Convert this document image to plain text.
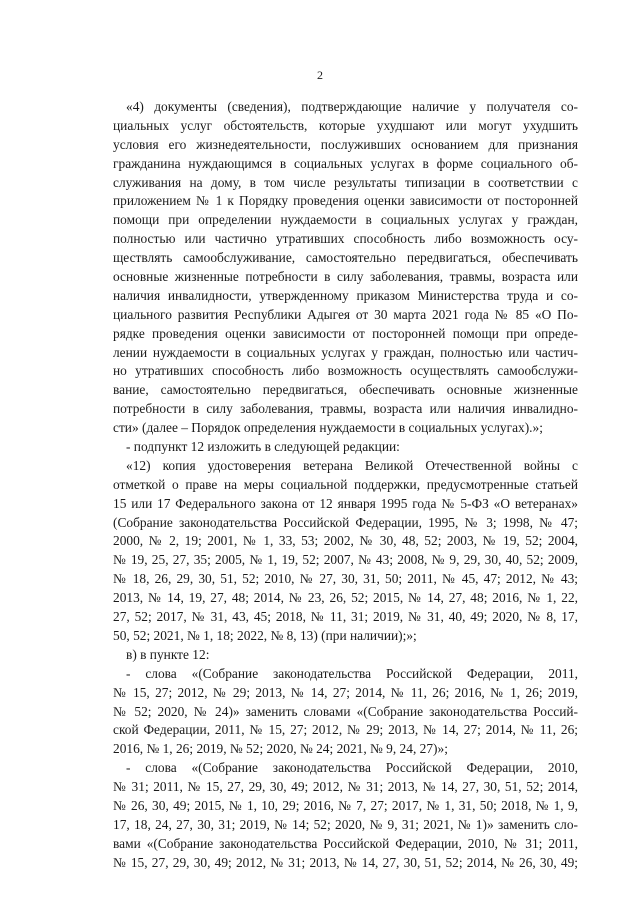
2
«4) документы (сведения), подтверждающие наличие у получателя со-
циальных услуг обстоятельств, которые ухудшают или могут ухудшить
условия его жизнедеятельности, послуживших основанием для признания
гражданина нуждающимся в социальных услугах в форме социального об-
служивания на дому, в том числе результаты типизации в соответствии с
приложением № 1 к Порядку проведения оценки зависимости от посторонней
помощи при определении нуждаемости в социальных услугах у граждан,
полностью или частично утративших способность либо возможность осу-
ществлять самообслуживание, самостоятельно передвигаться, обеспечивать
основные жизненные потребности в силу заболевания, травмы, возраста или
наличия инвалидности, утвержденному приказом Министерства труда и со-
циального развития Республики Адыгея от 30 марта 2021 года № 85 «О По-
рядке проведения оценки зависимости от посторонней помощи при опреде-
лении нуждаемости в социальных услугах у граждан, полностью или частич-
но утративших способность либо возможность осуществлять самообслужи-
вание, самостоятельно передвигаться, обеспечивать основные жизненные
потребности в силу заболевания, травмы, возраста или наличия инвалидно-
сти» (далее – Порядок определения нуждаемости в социальных услугах).»;
- подпункт 12 изложить в следующей редакции:
«12) копия удостоверения ветерана Великой Отечественной войны с
отметкой о праве на меры социальной поддержки, предусмотренные статьей
15 или 17 Федерального закона от 12 января 1995 года № 5-ФЗ «О ветеранах»
(Собрание законодательства Российской Федерации, 1995, № 3; 1998, № 47;
2000, № 2, 19; 2001, № 1, 33, 53; 2002, № 30, 48, 52; 2003, № 19, 52; 2004,
№ 19, 25, 27, 35; 2005, № 1, 19, 52; 2007, № 43; 2008, № 9, 29, 30, 40, 52; 2009,
№ 18, 26, 29, 30, 51, 52; 2010, № 27, 30, 31, 50; 2011, № 45, 47; 2012, № 43;
2013, № 14, 19, 27, 48; 2014, № 23, 26, 52; 2015, № 14, 27, 48; 2016, № 1, 22,
27, 52; 2017, № 31, 43, 45; 2018, № 11, 31; 2019, № 31, 40, 49; 2020, № 8, 17,
50, 52; 2021, № 1, 18; 2022, № 8, 13) (при наличии);»;
в) в пункте 12:
- слова «(Собрание законодательства Российской Федерации, 2011,
№ 15, 27; 2012, № 29; 2013, № 14, 27; 2014, № 11, 26; 2016, № 1, 26; 2019,
№ 52; 2020, № 24)» заменить словами «(Собрание законодательства Россий-
ской Федерации, 2011, № 15, 27; 2012, № 29; 2013, № 14, 27; 2014, № 11, 26;
2016, № 1, 26; 2019, № 52; 2020, № 24; 2021, № 9, 24, 27)»;
- слова «(Собрание законодательства Российской Федерации, 2010,
№ 31; 2011, № 15, 27, 29, 30, 49; 2012, № 31; 2013, № 14, 27, 30, 51, 52; 2014,
№ 26, 30, 49; 2015, № 1, 10, 29; 2016, № 7, 27; 2017, № 1, 31, 50; 2018, № 1, 9,
17, 18, 24, 27, 30, 31; 2019, № 14; 52; 2020, № 9, 31; 2021, № 1)» заменить сло-
вами «(Собрание законодательства Российской Федерации, 2010, № 31; 2011,
№ 15, 27, 29, 30, 49; 2012, № 31; 2013, № 14, 27, 30, 51, 52; 2014, № 26, 30, 49;
